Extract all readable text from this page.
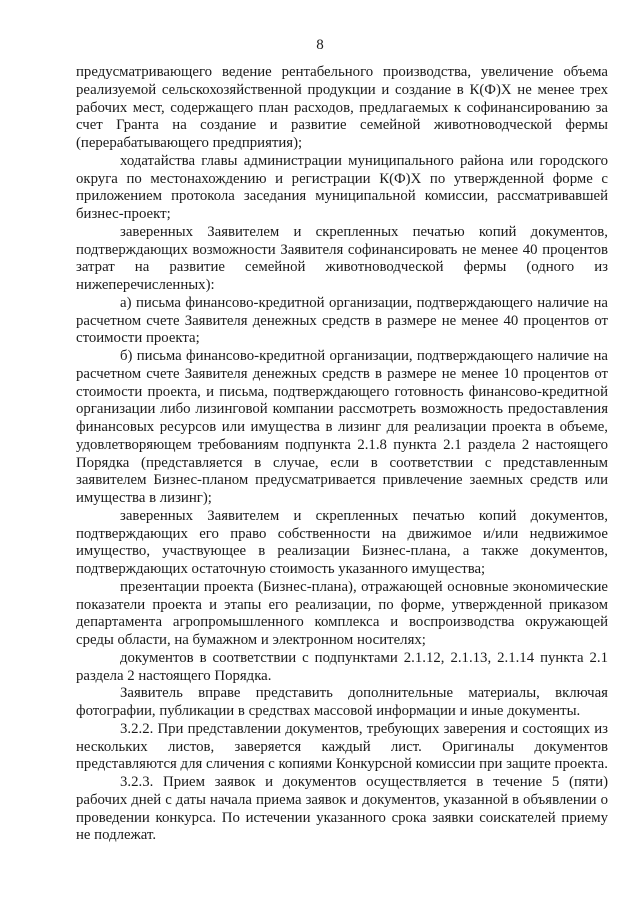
8

предусматривающего ведение рентабельного производства, увеличение объема реализуемой сельскохозяйственной продукции и создание в К(Ф)Х не менее трех рабочих мест, содержащего план расходов, предлагаемых к софинансированию за счет Гранта на создание и развитие семейной животноводческой фермы (перерабатывающего предприятия);

ходатайства главы администрации муниципального района или городского округа по местонахождению и регистрации К(Ф)Х по утвержденной форме с приложением протокола заседания муниципальной комиссии, рассматривавшей бизнес-проект;

заверенных Заявителем и скрепленных печатью копий документов, подтверждающих возможности Заявителя софинансировать не менее 40 процентов затрат на развитие семейной животноводческой фермы (одного из нижеперечисленных):

а) письма финансово-кредитной организации, подтверждающего наличие на расчетном счете Заявителя денежных средств в размере не менее 40 процентов от стоимости проекта;

б) письма финансово-кредитной организации, подтверждающего наличие на расчетном счете Заявителя денежных средств в размере не менее 10 процентов от стоимости проекта, и письма, подтверждающего готовность финансово-кредитной организации либо лизинговой компании рассмотреть возможность предоставления финансовых ресурсов или имущества в лизинг для реализации проекта в объеме, удовлетворяющем требованиям подпункта 2.1.8 пункта 2.1 раздела 2 настоящего Порядка (представляется в случае, если в соответствии с представленным заявителем Бизнес-планом предусматривается привлечение заемных средств или имущества в лизинг);

заверенных Заявителем и скрепленных печатью копий документов, подтверждающих его право собственности на движимое и/или недвижимое имущество, участвующее в реализации Бизнес-плана, а также документов, подтверждающих остаточную стоимость указанного имущества;

презентации проекта (Бизнес-плана), отражающей основные экономические показатели проекта и этапы его реализации, по форме, утвержденной приказом департамента агропромышленного комплекса и воспроизводства окружающей среды области, на бумажном и электронном носителях;

документов в соответствии с подпунктами 2.1.12, 2.1.13, 2.1.14 пункта 2.1 раздела 2 настоящего Порядка.

Заявитель вправе представить дополнительные материалы, включая фотографии, публикации в средствах массовой информации и иные документы.

3.2.2. При представлении документов, требующих заверения и состоящих из нескольких листов, заверяется каждый лист. Оригиналы документов представляются для сличения с копиями Конкурсной комиссии при защите проекта.

3.2.3. Прием заявок и документов осуществляется в течение 5 (пяти) рабочих дней с даты начала приема заявок и документов, указанной в объявлении о проведении конкурса. По истечении указанного срока заявки соискателей приему не подлежат.
